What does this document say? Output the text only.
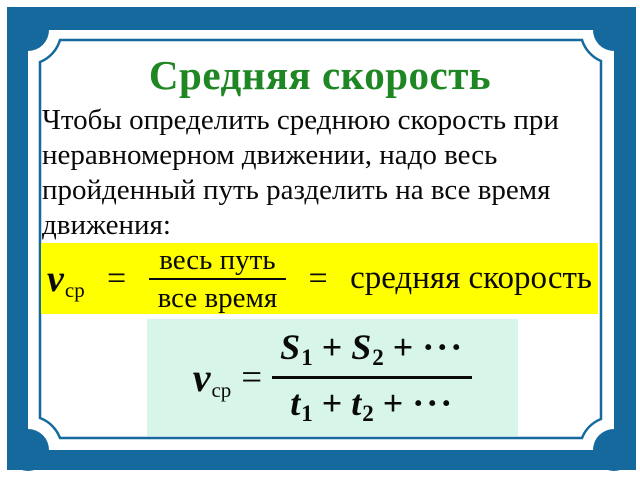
Средняя скорость
Чтобы определить среднюю скорость при
неравномерном движении, надо весь
пройденный путь разделить на все время
движения:
vср = $\frac{\text{весь путь}}{\text{все время}}$ = средняя скорость
vср = $\frac{S 1 + S 2 + \cdot\cdot\cdot}{t 1 + t 2 + \cdot\cdot\cdot}$
